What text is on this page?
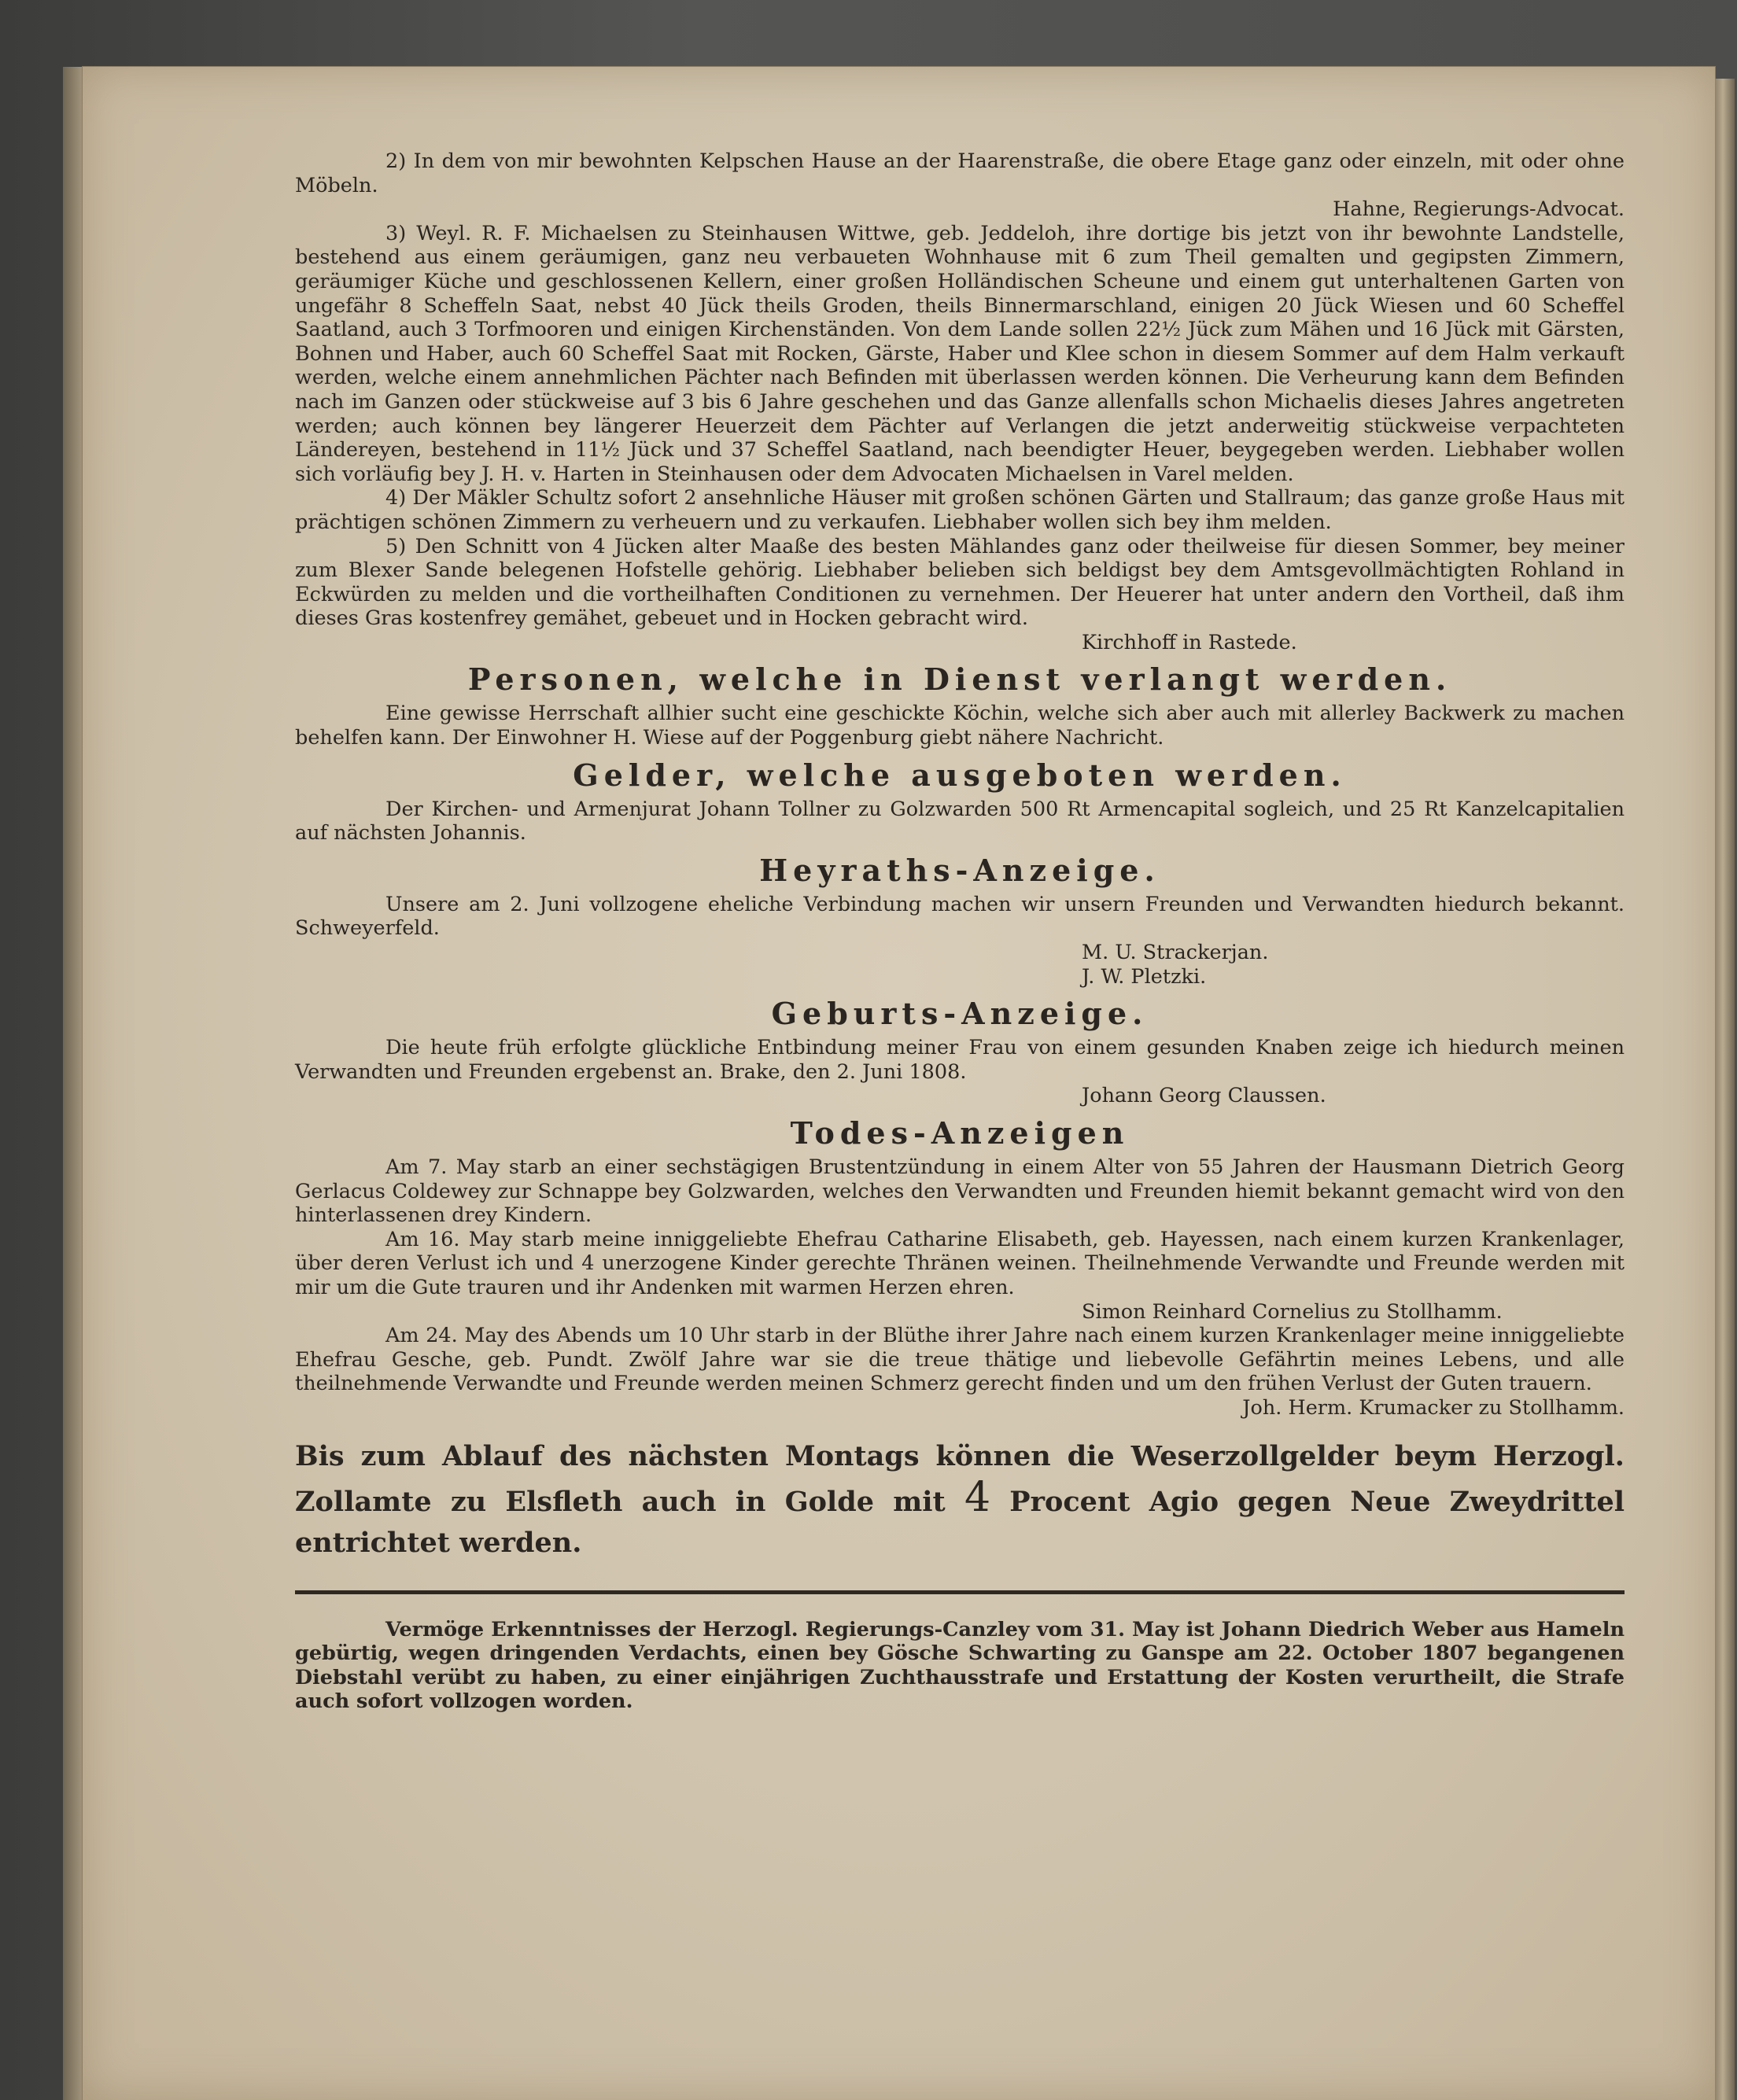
2) In dem von mir bewohnten Kelpschen Hause an der Haarenstraße, die obere Etage ganz oder einzeln, mit oder ohne Möbeln.

Hahne, Regierungs-Advocat.

3) Weyl. R. F. Michaelsen zu Steinhausen Wittwe, geb. Jeddeloh, ihre dortige bis jetzt von ihr bewohnte Landstelle, bestehend aus einem geräumigen, ganz neu verbaueten Wohnhause mit 6 zum Theil gemalten und gegipsten Zimmern, geräumiger Küche und geschlossenen Kellern, einer großen Holländischen Scheune und einem gut unterhaltenen Garten von ungefähr 8 Scheffeln Saat, nebst 40 Jück theils Groden, theils Binnermarschland, einigen 20 Jück Wiesen und 60 Scheffel Saatland, auch 3 Torfmooren und einigen Kirchenständen. Von dem Lande sollen 22½ Jück zum Mähen und 16 Jück mit Gärsten, Bohnen und Haber, auch 60 Scheffel Saat mit Rocken, Gärste, Haber und Klee schon in diesem Sommer auf dem Halm verkauft werden, welche einem annehmlichen Pächter nach Befinden mit überlassen werden können. Die Verheurung kann dem Befinden nach im Ganzen oder stückweise auf 3 bis 6 Jahre geschehen und das Ganze allenfalls schon Michaelis dieses Jahres angetreten werden; auch können bey längerer Heuerzeit dem Pächter auf Verlangen die jetzt anderweitig stückweise verpachteten Ländereyen, bestehend in 11½ Jück und 37 Scheffel Saatland, nach beendigter Heuer, beygegeben werden. Liebhaber wollen sich vorläufig bey J. H. v. Harten in Steinhausen oder dem Advocaten Michaelsen in Varel melden.

4) Der Mäkler Schultz sofort 2 ansehnliche Häuser mit großen schönen Gärten und Stallraum; das ganze große Haus mit prächtigen schönen Zimmern zu verheuern und zu verkaufen. Liebhaber wollen sich bey ihm melden.

5) Den Schnitt von 4 Jücken alter Maaße des besten Mählandes ganz oder theilweise für diesen Sommer, bey meiner zum Blexer Sande belegenen Hofstelle gehörig. Liebhaber belieben sich beldigst bey dem Amtsgevollmächtigten Rohland in Eckwürden zu melden und die vortheilhaften Conditionen zu vernehmen. Der Heuerer hat unter andern den Vortheil, daß ihm dieses Gras kostenfrey gemähet, gebeuet und in Hocken gebracht wird.

Kirchhoff in Rastede.

Personen, welche in Dienst verlangt werden.

Eine gewisse Herrschaft allhier sucht eine geschickte Köchin, welche sich aber auch mit allerley Backwerk zu machen behelfen kann. Der Einwohner H. Wiese auf der Poggenburg giebt nähere Nachricht.

Gelder, welche ausgeboten werden.

Der Kirchen- und Armenjurat Johann Tollner zu Golzwarden 500 Rt Armencapital sogleich, und 25 Rt Kanzelcapitalien auf nächsten Johannis.

Heyraths-Anzeige.

Unsere am 2. Juni vollzogene eheliche Verbindung machen wir unsern Freunden und Verwandten hiedurch bekannt. Schweyerfeld.

M. U. Strackerjan.

J. W. Pletzki.

Geburts-Anzeige.

Die heute früh erfolgte glückliche Entbindung meiner Frau von einem gesunden Knaben zeige ich hiedurch meinen Verwandten und Freunden ergebenst an. Brake, den 2. Juni 1808.

Johann Georg Claussen.

Todes-Anzeigen

Am 7. May starb an einer sechstägigen Brustentzündung in einem Alter von 55 Jahren der Hausmann Dietrich Georg Gerlacus Coldewey zur Schnappe bey Golzwarden, welches den Verwandten und Freunden hiemit bekannt gemacht wird von den hinterlassenen drey Kindern.

Am 16. May starb meine inniggeliebte Ehefrau Catharine Elisabeth, geb. Hayessen, nach einem kurzen Krankenlager, über deren Verlust ich und 4 unerzogene Kinder gerechte Thränen weinen. Theilnehmende Verwandte und Freunde werden mit mir um die Gute trauren und ihr Andenken mit warmen Herzen ehren.

Simon Reinhard Cornelius zu Stollhamm.

Am 24. May des Abends um 10 Uhr starb in der Blüthe ihrer Jahre nach einem kurzen Krankenlager meine inniggeliebte Ehefrau Gesche, geb. Pundt. Zwölf Jahre war sie die treue thätige und liebevolle Gefährtin meines Lebens, und alle theilnehmende Verwandte und Freunde werden meinen Schmerz gerecht finden und um den frühen Verlust der Guten trauern.

Joh. Herm. Krumacker zu Stollhamm.

Bis zum Ablauf des nächsten Montags können die Weserzollgelder beym Herzogl. Zollamte zu Elsfleth auch in Golde mit 4 Procent Agio gegen Neue Zweydrittel entrichtet werden.

Vermöge Erkenntnisses der Herzogl. Regierungs-Canzley vom 31. May ist Johann Diedrich Weber aus Hameln gebürtig, wegen dringenden Verdachts, einen bey Gösche Schwarting zu Ganspe am 22. October 1807 begangenen Diebstahl verübt zu haben, zu einer einjährigen Zuchthausstrafe und Erstattung der Kosten verurtheilt, die Strafe auch sofort vollzogen worden.
